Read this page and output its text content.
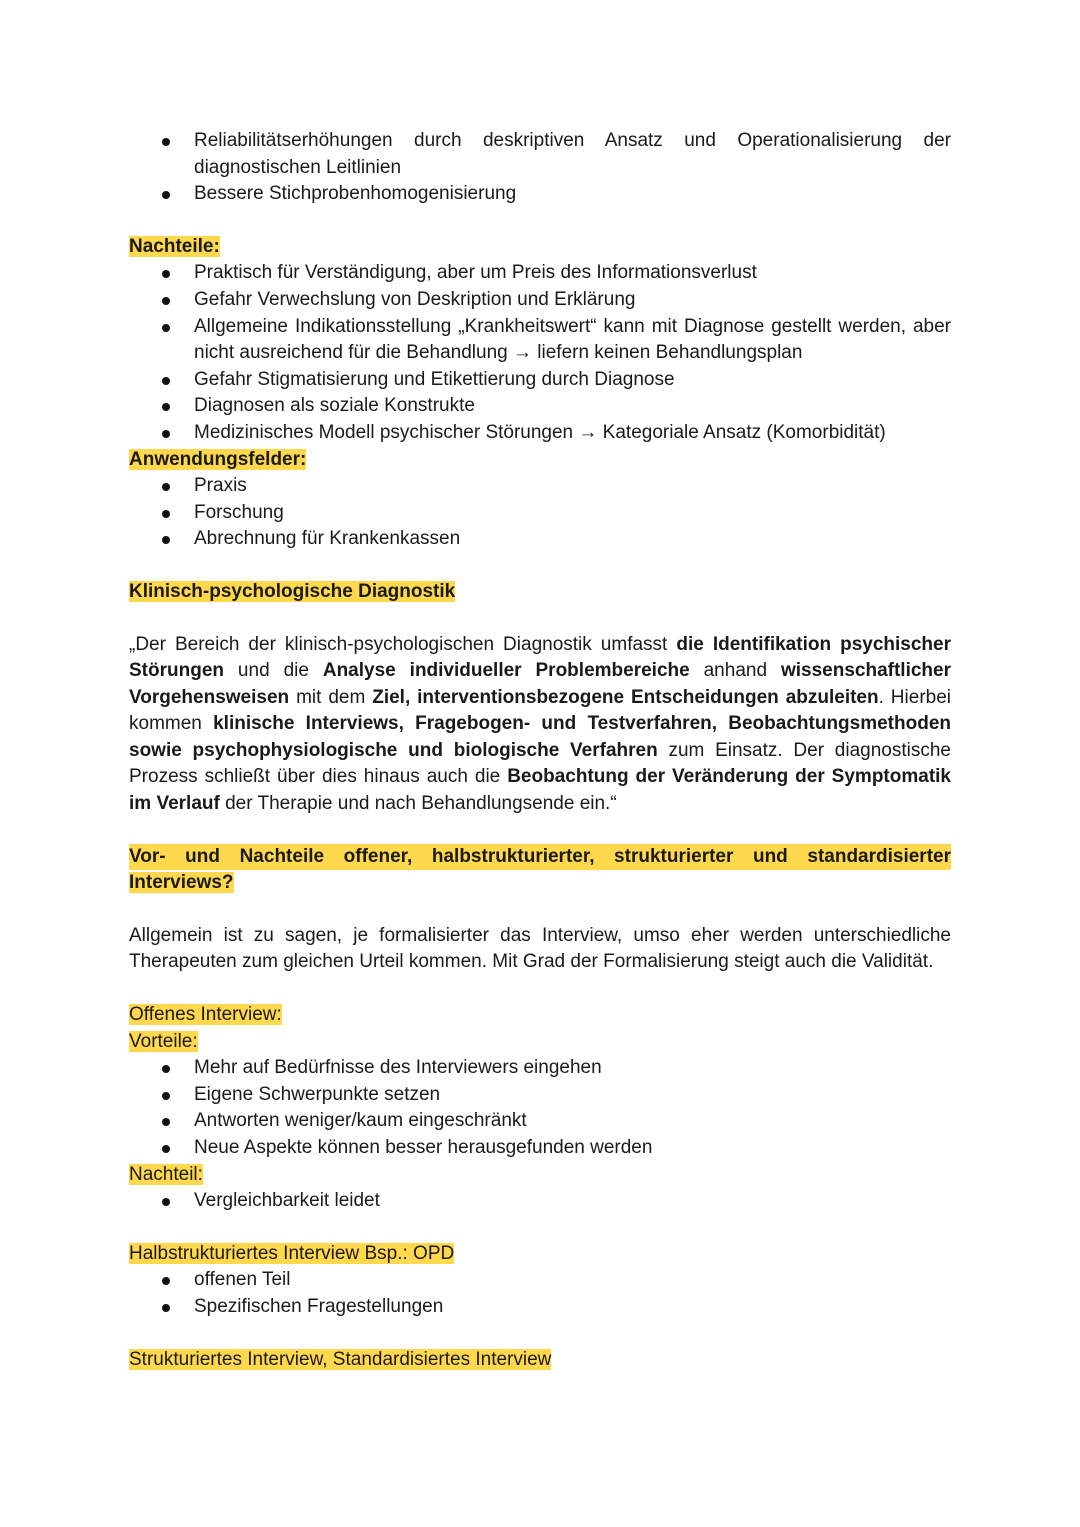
Reliabilitätserhöhungen durch deskriptiven Ansatz und Operationalisierung der diagnostischen Leitlinien
Bessere Stichprobenhomogenisierung

Nachteile:

Praktisch für Verständigung, aber um Preis des Informationsverlust
Gefahr Verwechslung von Deskription und Erklärung
Allgemeine Indikationsstellung „Krankheitswert“ kann mit Diagnose gestellt werden, aber nicht ausreichend für die Behandlung → liefern keinen Behandlungsplan
Gefahr Stigmatisierung und Etikettierung durch Diagnose
Diagnosen als soziale Konstrukte
Medizinisches Modell psychischer Störungen → Kategoriale Ansatz (Komorbidität)

Anwendungsfelder:

Praxis
Forschung
Abrechnung für Krankenkassen

Klinisch-psychologische Diagnostik

„Der Bereich der klinisch-psychologischen Diagnostik umfasst die Identifikation psychischer Störungen und die Analyse individueller Problembereiche anhand wissenschaftlicher Vorgehensweisen mit dem Ziel, interventionsbezogene Entscheidungen abzuleiten. Hierbei kommen klinische Interviews, Fragebogen- und Testverfahren, Beobachtungsmethoden sowie psychophysiologische und biologische Verfahren zum Einsatz. Der diagnostische Prozess schließt über dies hinaus auch die Beobachtung der Veränderung der Symptomatik im Verlauf der Therapie und nach Behandlungsende ein.“

Vor- und Nachteile offener, halbstrukturierter, strukturierter und standardisierter
Interviews?

Allgemein ist zu sagen, je formalisierter das Interview, umso eher werden unterschiedliche Therapeuten zum gleichen Urteil kommen. Mit Grad der Formalisierung steigt auch die Validität.

Offenes Interview:

Vorteile:

Mehr auf Bedürfnisse des Interviewers eingehen
Eigene Schwerpunkte setzen
Antworten weniger/kaum eingeschränkt
Neue Aspekte können besser herausgefunden werden

Nachteil:

Vergleichbarkeit leidet

Halbstrukturiertes Interview Bsp.: OPD

offenen Teil
Spezifischen Fragestellungen

Strukturiertes Interview, Standardisiertes Interview
